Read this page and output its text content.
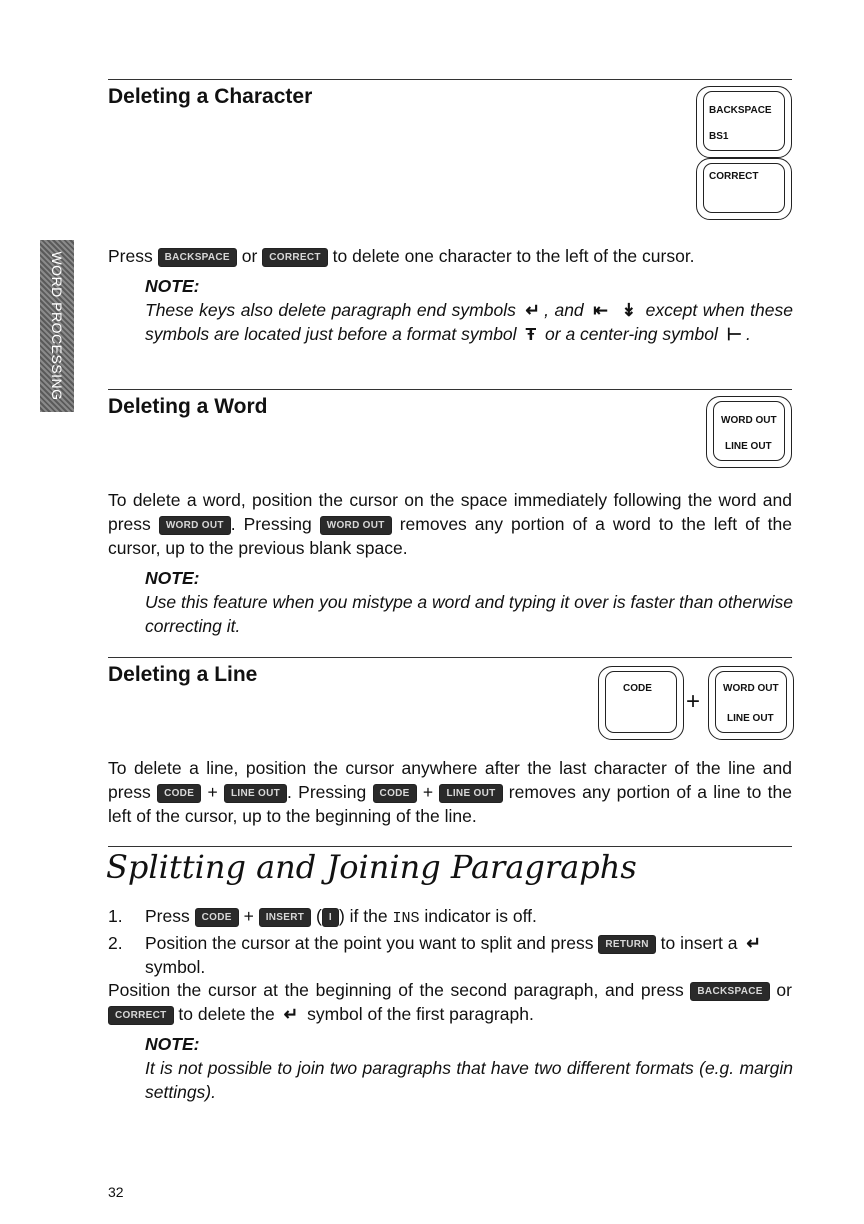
WORD PROCESSING
Deleting a Character
BACKSPACE
BS1
CORRECT
Press BACKSPACE or CORRECT to delete one character to the left of the cursor.
NOTE:
These keys also delete paragraph end symbols ↵ , and ⇤ ↡ except when these symbols are located just before a format symbol Ŧ or a center-ing symbol ⊢ .
Deleting a Word
WORD OUT
LINE OUT
To delete a word, position the cursor on the space immediately following the word and press WORD OUT . Pressing WORD OUT removes any portion of a word to the left of the cursor, up to the previous blank space.
NOTE:
Use this feature when you mistype a word and typing it over is faster than otherwise correcting it.
Deleting a Line
CODE + WORD OUT
LINE OUT
To delete a line, position the cursor anywhere after the last character of the line and press CODE + LINE OUT . Pressing CODE + LINE OUT removes any portion of a line to the left of the cursor, up to the beginning of the line.
Splitting and Joining Paragraphs
1. Press CODE + INSERT ( I ) if the INS indicator is off.
2. Position the cursor at the point you want to split and press RETURN to insert a ↵ symbol.
Position the cursor at the beginning of the second paragraph, and press BACKSPACE or CORRECT to delete the ↵ symbol of the first paragraph.
NOTE:
It is not possible to join two paragraphs that have two different formats (e.g. margin settings).
32
